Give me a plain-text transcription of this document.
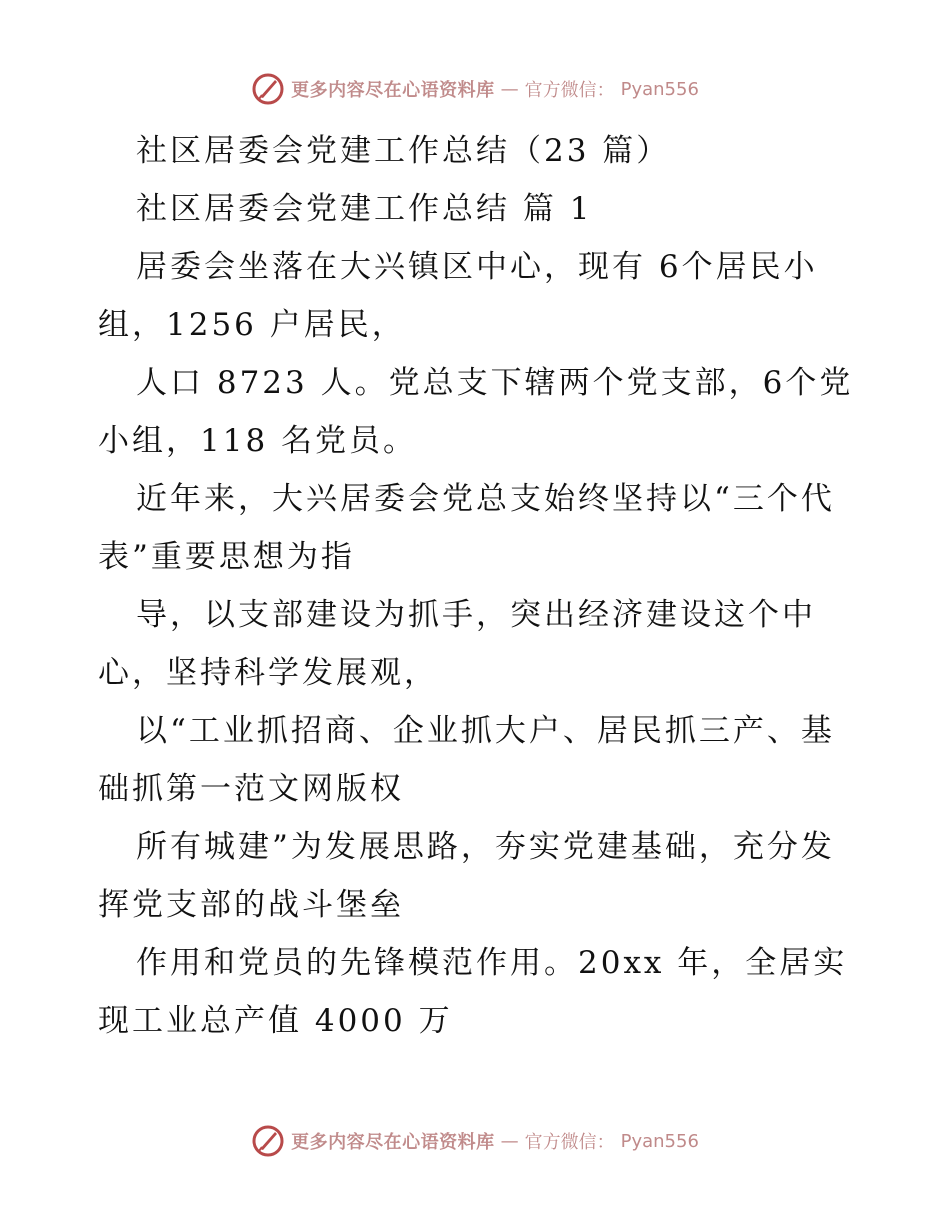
更多内容尽在心语资料库 — 官方微信： Pyan556

社区居委会党建工作总结（23 篇）

社区居委会党建工作总结 篇 1

居委会坐落在大兴镇区中心，现有 6个居民小组，1256 户居民，

人口 8723 人。党总支下辖两个党支部，6个党小组，118 名党员。

近年来，大兴居委会党总支始终坚持以“三个代表”重要思想为指

导，以支部建设为抓手，突出经济建设这个中心，坚持科学发展观，

以“工业抓招商、企业抓大户、居民抓三产、基础抓第一范文网版权

所有城建”为发展思路，夯实党建基础，充分发挥党支部的战斗堡垒

作用和党员的先锋模范作用。20xx 年，全居实现工业总产值 4000 万

更多内容尽在心语资料库 — 官方微信： Pyan556
